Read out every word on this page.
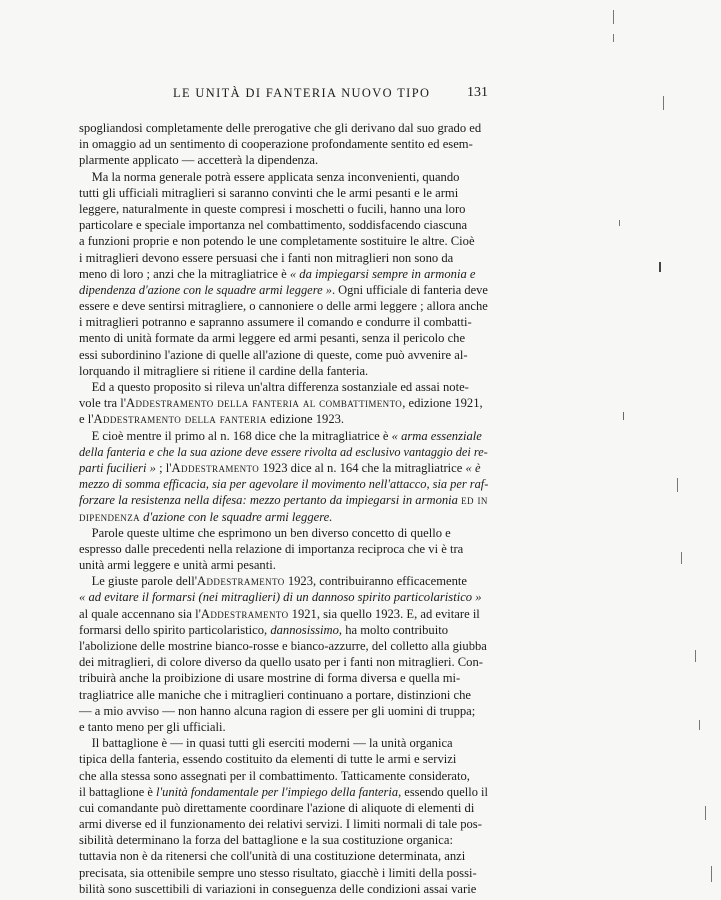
LE UNITÀ DI FANTERIA NUOVO TIPO	131
spogliandosi completamente delle prerogative che gli derivano dal suo grado ed
in omaggio ad un sentimento di cooperazione profondamente sentito ed esem-
plarmente applicato — accetterà la dipendenza.
Ma la norma generale potrà essere applicata senza inconvenienti, quando
tutti gli ufficiali mitraglieri si saranno convinti che le armi pesanti e le armi
leggere, naturalmente in queste compresi i moschetti o fucili, hanno una loro
particolare e speciale importanza nel combattimento, soddisfacendo ciascuna
a funzioni proprie e non potendo le une completamente sostituire le altre. Cioè
i mitraglieri devono essere persuasi che i fanti non mitraglieri non sono da
meno di loro ; anzi che la mitragliatrice è « da impiegarsi sempre in armonia e
dipendenza d'azione con le squadre armi leggere ». Ogni ufficiale di fanteria deve
essere e deve sentirsi mitragliere, o cannoniere o delle armi leggere ; allora anche
i mitraglieri potranno e sapranno assumere il comando e condurre il combatti-
mento di unità formate da armi leggere ed armi pesanti, senza il pericolo che
essi subordinino l'azione di quelle all'azione di queste, come può avvenire al-
lorquando il mitragliere si ritiene il cardine della fanteria.
Ed a questo proposito si rileva un'altra differenza sostanziale ed assai note-
vole tra l'Addestramento della fanteria al combattimento, edizione 1921,
e l'Addestramento della fanteria edizione 1923.
E cioè mentre il primo al n. 168 dice che la mitragliatrice è « arma essenziale
della fanteria e che la sua azione deve essere rivolta ad esclusivo vantaggio dei re-
parti fucilieri » ; l'Addestramento 1923 dice al n. 164 che la mitragliatrice « è
mezzo di somma efficacia, sia per agevolare il movimento nell'attacco, sia per raf-
forzare la resistenza nella difesa: mezzo pertanto da impiegarsi in armonia ed in
dipendenza d'azione con le squadre armi leggere.
Parole queste ultime che esprimono un ben diverso concetto di quello e
espresso dalle precedenti nella relazione di importanza reciproca che vi è tra
unità armi leggere e unità armi pesanti.
Le giuste parole dell'Addestramento 1923, contribuiranno efficacemente
« ad evitare il formarsi (nei mitraglieri) di un dannoso spirito particolaristico »
al quale accennano sia l'Addestramento 1921, sia quello 1923. E, ad evitare il
formarsi dello spirito particolaristico, dannosissimo, ha molto contribuito
l'abolizione delle mostrine bianco-rosse e bianco-azzurre, del colletto alla giubba
dei mitraglieri, di colore diverso da quello usato per i fanti non mitraglieri. Con-
tribuirà anche la proibizione di usare mostrine di forma diversa e quella mi-
tragliatrice alle maniche che i mitraglieri continuano a portare, distinzioni che
— a mio avviso — non hanno alcuna ragion di essere per gli uomini di truppa;
e tanto meno per gli ufficiali.
Il battaglione è — in quasi tutti gli eserciti moderni — la unità organica
tipica della fanteria, essendo costituito da elementi di tutte le armi e servizi
che alla stessa sono assegnati per il combattimento. Tatticamente considerato,
il battaglione è l'unità fondamentale per l'impiego della fanteria, essendo quello il
cui comandante può direttamente coordinare l'azione di aliquote di elementi di
armi diverse ed il funzionamento dei relativi servizi. I limiti normali di tale pos-
sibilità determinano la forza del battaglione e la sua costituzione organica:
tuttavia non è da ritenersi che coll'unità di una costituzione determinata, anzi
precisata, sia ottenibile sempre uno stesso risultato, giacchè i limiti della possi-
bilità sono suscettibili di variazioni in conseguenza delle condizioni assai varie
